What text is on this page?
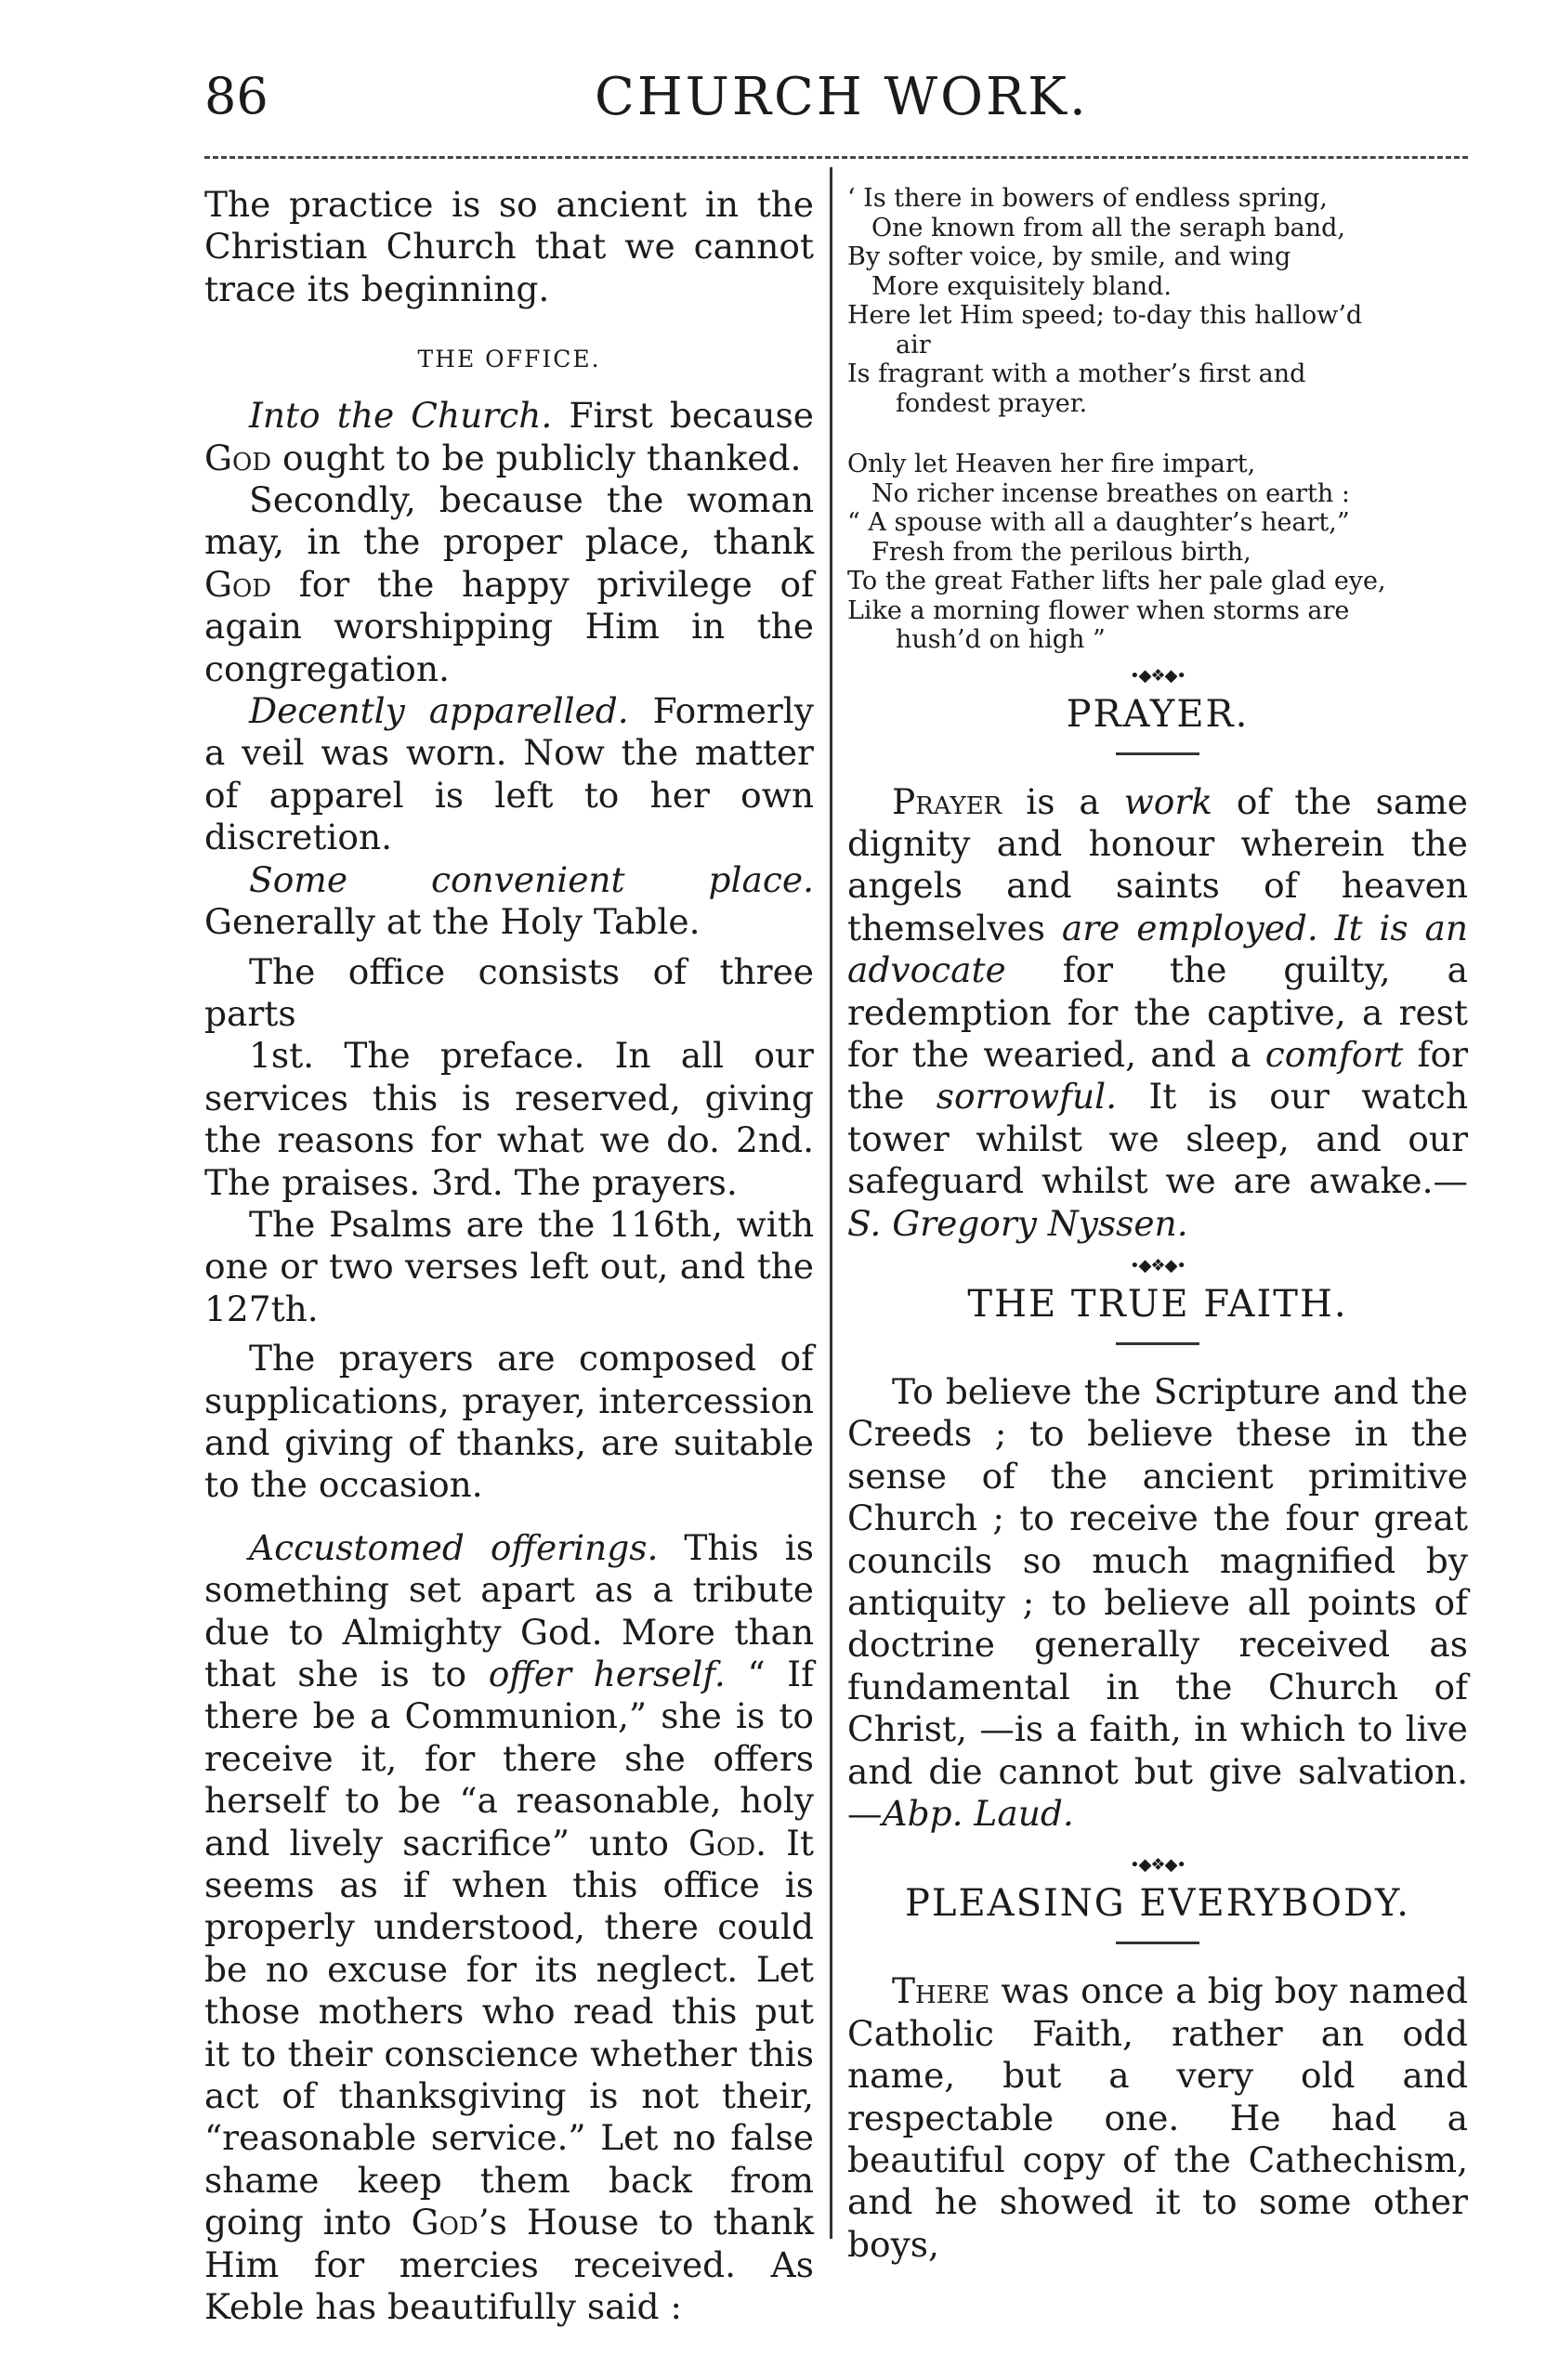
86	CHURCH WORK.

The practice is so ancient in the Christian Church that we cannot trace its beginning.

THE OFFICE.

Into the Church. First because God ought to be publicly thanked.

Secondly, because the woman may, in the proper place, thank God for the happy privilege of again worshipping Him in the congregation.

Decently apparelled. Formerly a veil was worn. Now the matter of apparel is left to her own discretion.

Some convenient place. Generally at the Holy Table.

The office consists of three parts

1st. The preface. In all our services this is reserved, giving the reasons for what we do. 2nd. The praises. 3rd. The prayers.

The Psalms are the 116th, with one or two verses left out, and the 127th.

The prayers are composed of supplications, prayer, intercession and giving of thanks, are suitable to the occasion.

Accustomed offerings. This is something set apart as a tribute due to Almighty God. More than that she is to offer herself. “ If there be a Communion,” she is to receive it, for there she offers herself to be “a reasonable, holy and lively sacrifice” unto God. It seems as if when this office is properly understood, there could be no excuse for its neglect. Let those mothers who read this put it to their conscience whether this act of thanksgiving is not their, “reasonable service.” Let no false shame keep them back from going into God’s House to thank Him for mercies received. As Keble has beautifully said :

‘ Is there in bowers of endless spring,
One known from all the seraph band,
By softer voice, by smile, and wing
More exquisitely bland.
Here let Him speed; to-day this hallow’d
air
Is fragrant with a mother’s first and
fondest prayer.
Only let Heaven her fire impart,
No richer incense breathes on earth :
“ A spouse with all a daughter’s heart,”
Fresh from the perilous birth,
To the great Father lifts her pale glad eye,
Like a morning flower when storms are
hush’d on high ”
•◆❖◆•
PRAYER.

Prayer is a work of the same dignity and honour wherein the angels and saints of heaven themselves are employed. It is an advocate for the guilty, a redemption for the captive, a rest for the wearied, and a comfort for the sorrowful. It is our watch tower whilst we sleep, and our safeguard whilst we are awake.—S. Gregory Nyssen.

•◆❖◆•
THE TRUE FAITH.

To believe the Scripture and the Creeds ; to believe these in the sense of the ancient primitive Church ; to receive the four great councils so much magnified by antiquity ; to believe all points of doctrine generally received as fundamental in the Church of Christ, —is a faith, in which to live and die cannot but give salvation.—Abp. Laud.

•◆❖◆•
PLEASING EVERYBODY.

There was once a big boy named Catholic Faith, rather an odd name, but a very old and respectable one. He had a beautiful copy of the Cathechism, and he showed it to some other boys,
